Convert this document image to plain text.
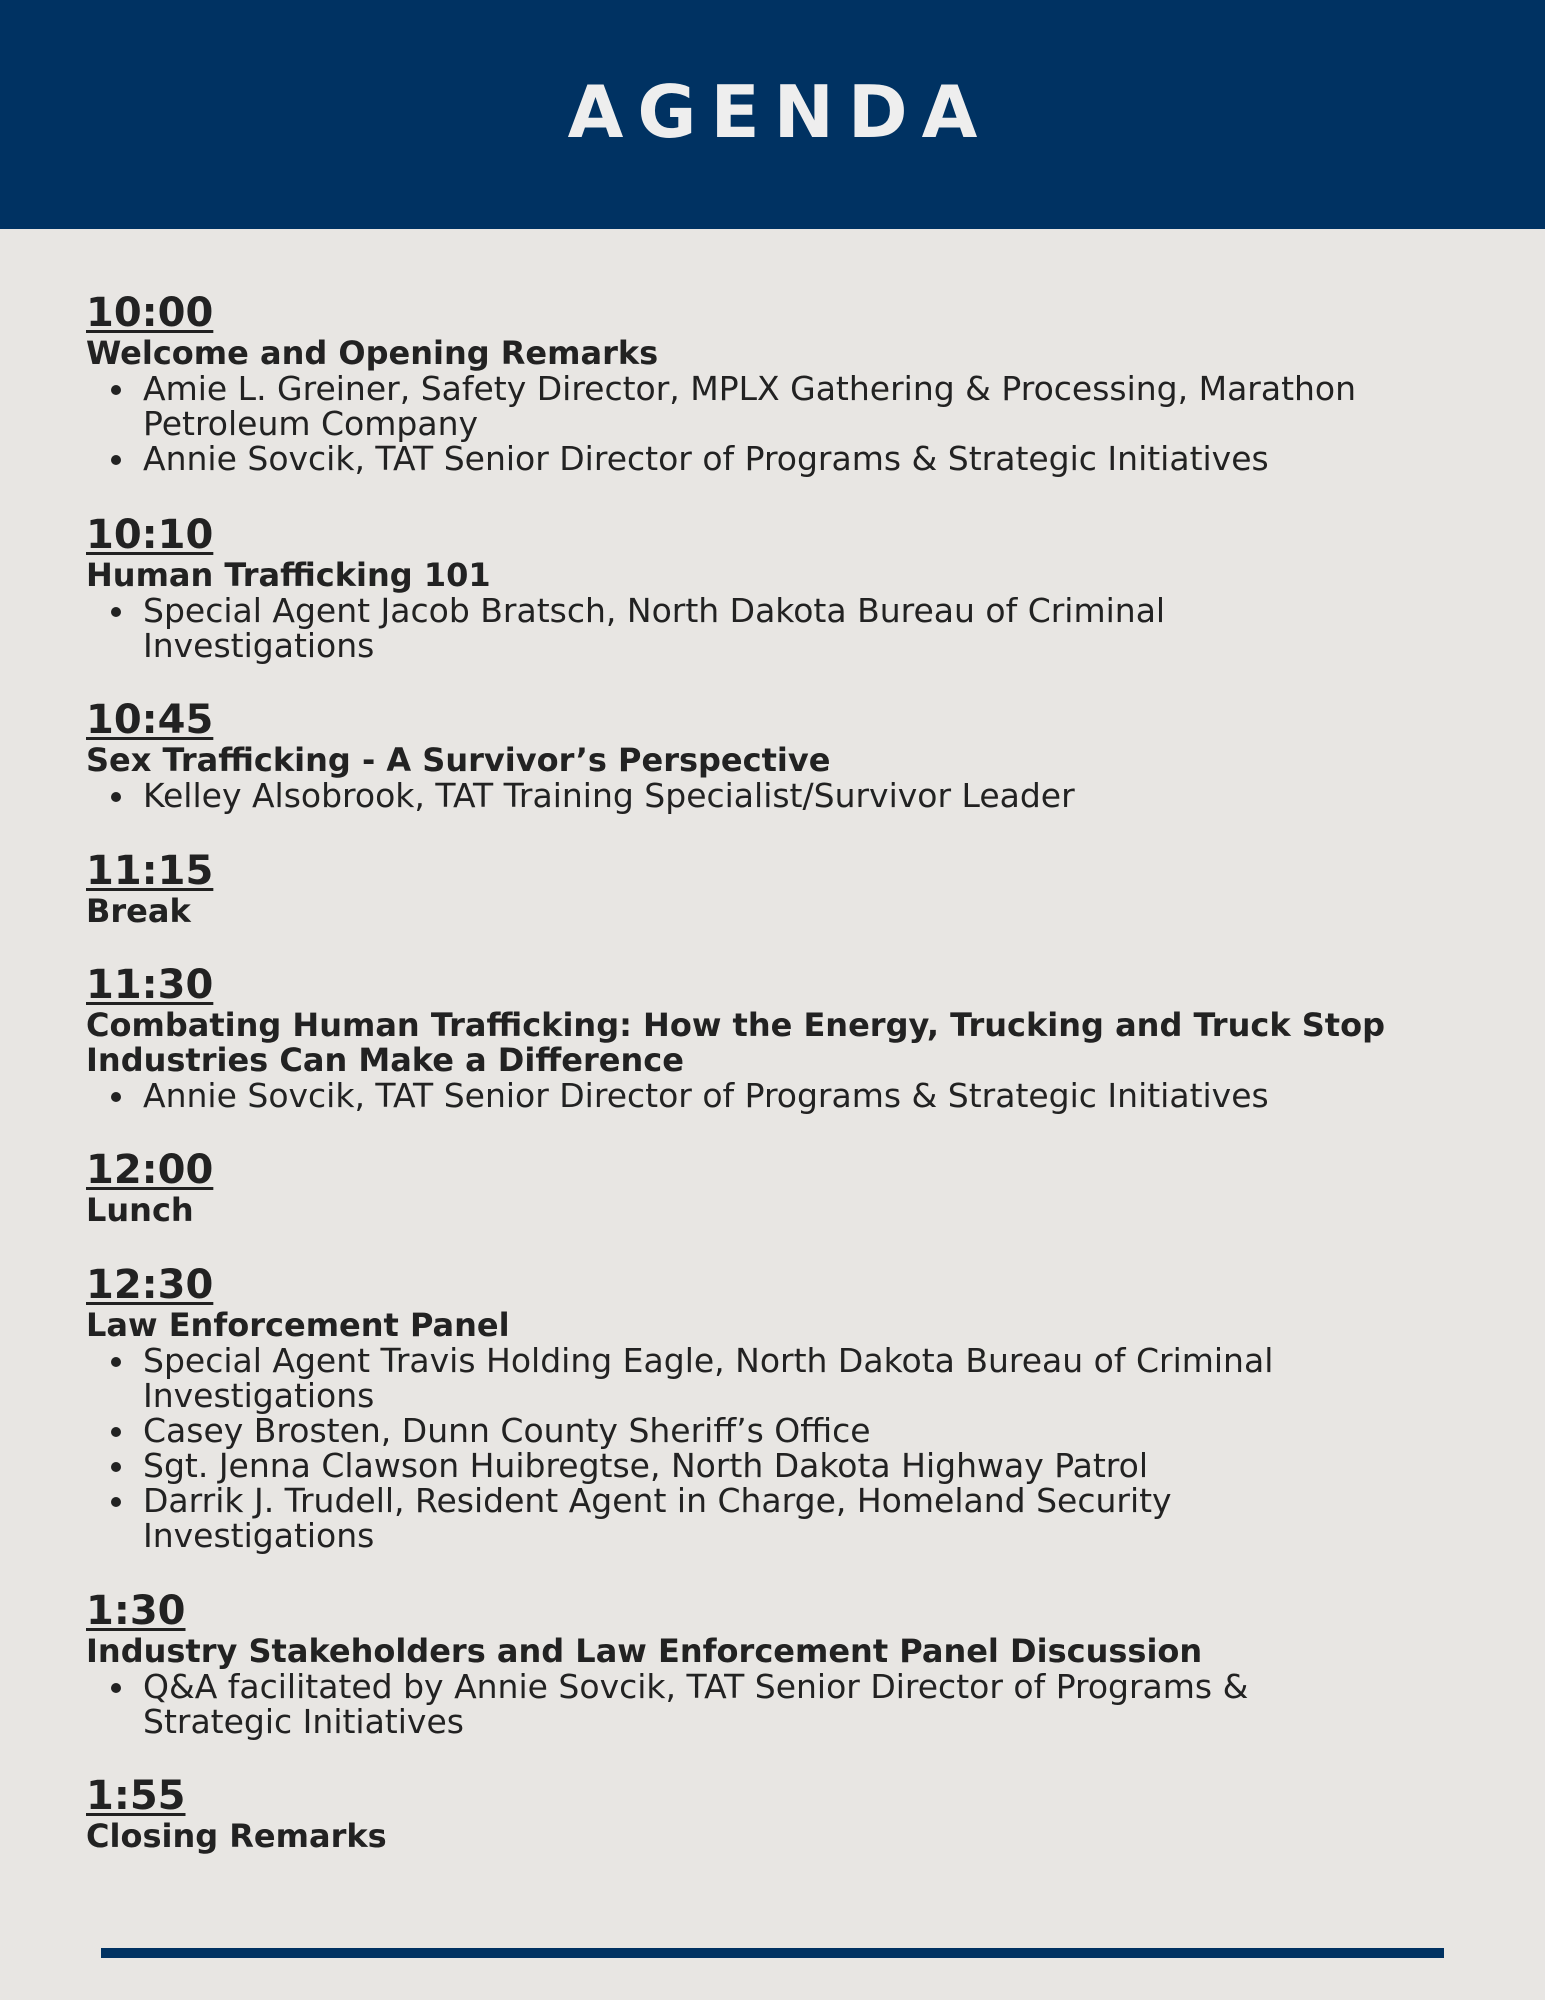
AGENDA
10:00
Welcome and Opening Remarks
Amie L. Greiner, Safety Director, MPLX Gathering & Processing, Marathon Petroleum Company
Annie Sovcik, TAT Senior Director of Programs & Strategic Initiatives
10:10
Human Trafficking 101
Special Agent Jacob Bratsch, North Dakota Bureau of Criminal Investigations
10:45
Sex Trafficking - A Survivor’s Perspective
Kelley Alsobrook, TAT Training Specialist/Survivor Leader
11:15
Break
11:30
Combating Human Trafficking: How the Energy, Trucking and Truck Stop Industries Can Make a Difference
Annie Sovcik, TAT Senior Director of Programs & Strategic Initiatives
12:00
Lunch
12:30
Law Enforcement Panel
Special Agent Travis Holding Eagle, North Dakota Bureau of Criminal Investigations
Casey Brosten, Dunn County Sheriff’s Office
Sgt. Jenna Clawson Huibregtse, North Dakota Highway Patrol
Darrik J. Trudell, Resident Agent in Charge, Homeland Security Investigations
1:30
Industry Stakeholders and Law Enforcement Panel Discussion
Q&A facilitated by Annie Sovcik, TAT Senior Director of Programs & Strategic Initiatives
1:55
Closing Remarks
